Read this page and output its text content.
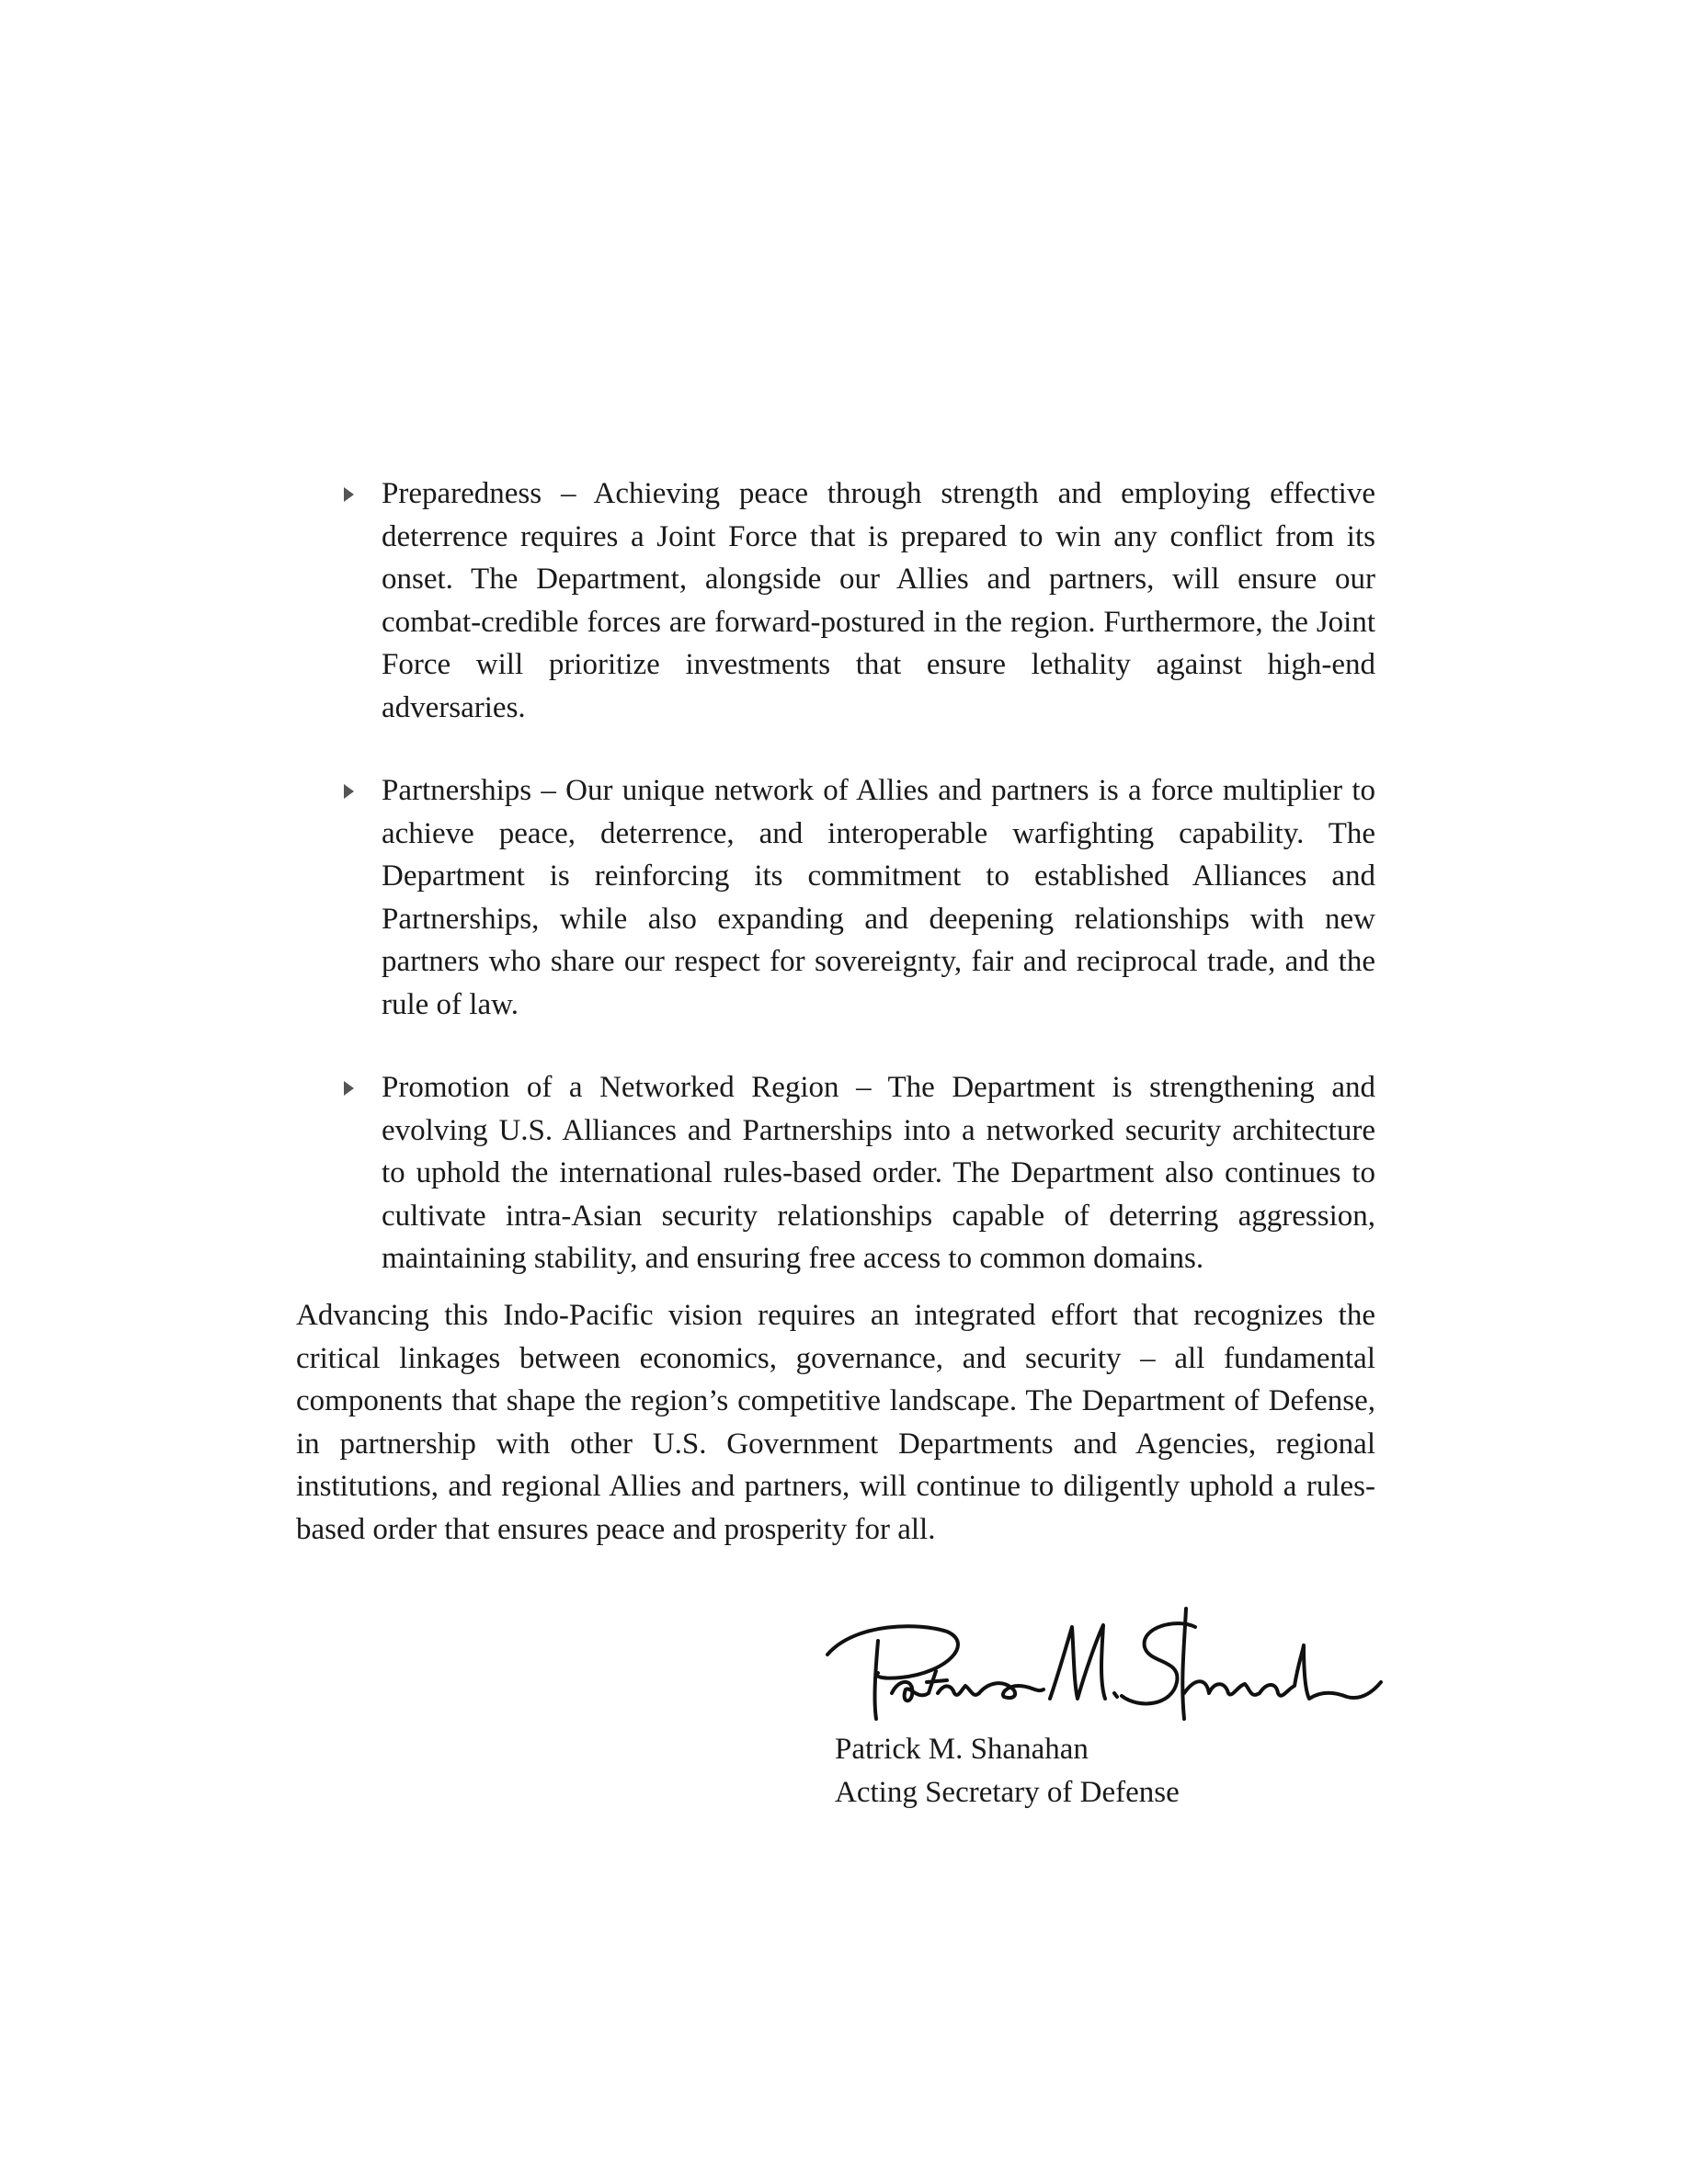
Preparedness – Achieving peace through strength and employing effective deterrence requires a Joint Force that is prepared to win any conflict from its onset. The Department, alongside our Allies and partners, will ensure our combat-credible forces are forward-postured in the region. Furthermore, the Joint Force will prioritize investments that ensure lethality against high-end adversaries.
Partnerships – Our unique network of Allies and partners is a force multiplier to achieve peace, deterrence, and interoperable warfighting capability. The Department is reinforcing its commitment to established Alliances and Partnerships, while also expanding and deepening relationships with new partners who share our respect for sovereignty, fair and reciprocal trade, and the rule of law.
Promotion of a Networked Region – The Department is strengthening and evolving U.S. Alliances and Partnerships into a networked security architecture to uphold the international rules-based order. The Department also continues to cultivate intra-Asian security relationships capable of deterring aggression, maintaining stability, and ensuring free access to common domains.

Advancing this Indo-Pacific vision requires an integrated effort that recognizes the critical linkages between economics, governance, and security – all fundamental components that shape the region’s competitive landscape. The Department of Defense, in partnership with other U.S. Government Departments and Agencies, regional institutions, and regional Allies and partners, will continue to diligently uphold a rules-based order that ensures peace and prosperity for all.

Patrick M. Shanahan
Acting Secretary of Defense
